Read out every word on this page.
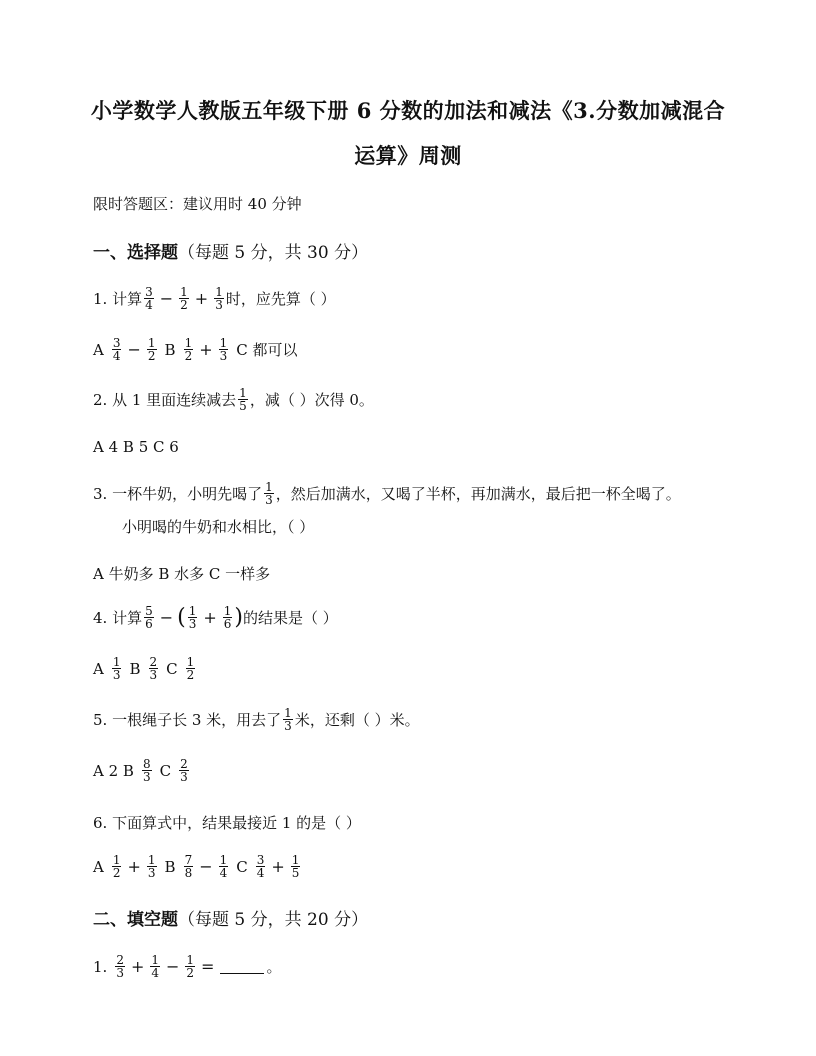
小学数学人教版五年级下册 6 分数的加法和减法《3.分数加减混合
运算》周测
限时答题区：建议用时 40 分钟
一、选择题 （每题 5 分，共 30 分）
1. 计算 $\frac{3}{4} - \frac{1}{2} + \frac{1}{3}$ 时，应先算（ ）
A $\frac{3}{4} - \frac{1}{2}$ B $\frac{1}{2} + \frac{1}{3}$ C 都可以
2. 从 1 里面连续减去 $\frac{1}{5}$ ，减（ ）次得 0。
A 4 B 5 C 6
3. 一杯牛奶，小明先喝了 $\frac{1}{3}$ ，然后加满水，又喝了半杯，再加满水，最后把一杯全喝了。
小明喝的牛奶和水相比，（ ）
A 牛奶多 B 水多 C 一样多
4. 计算 $\frac{5}{6}$ − ( $\frac{1}{3} + \frac{1}{6}$ ) 的结果是（ ）
A $\frac{1}{3}$ B $\frac{2}{3}$ C $\frac{1}{2}$
5. 一根绳子长 3 米，用去了 $\frac{1}{3}$ 米，还剩（ ）米。
A 2 B $\frac{8}{3}$ C $\frac{2}{3}$
6. 下面算式中，结果最接近 1 的是（ ）
A $\frac{1}{2} + \frac{1}{3}$ B $\frac{7}{8} - \frac{1}{4}$ C $\frac{3}{4} + \frac{1}{5}$
二、填空题 （每题 5 分，共 20 分）
1. $\frac{2}{3} + \frac{1}{4} - \frac{1}{2}$ =	。
